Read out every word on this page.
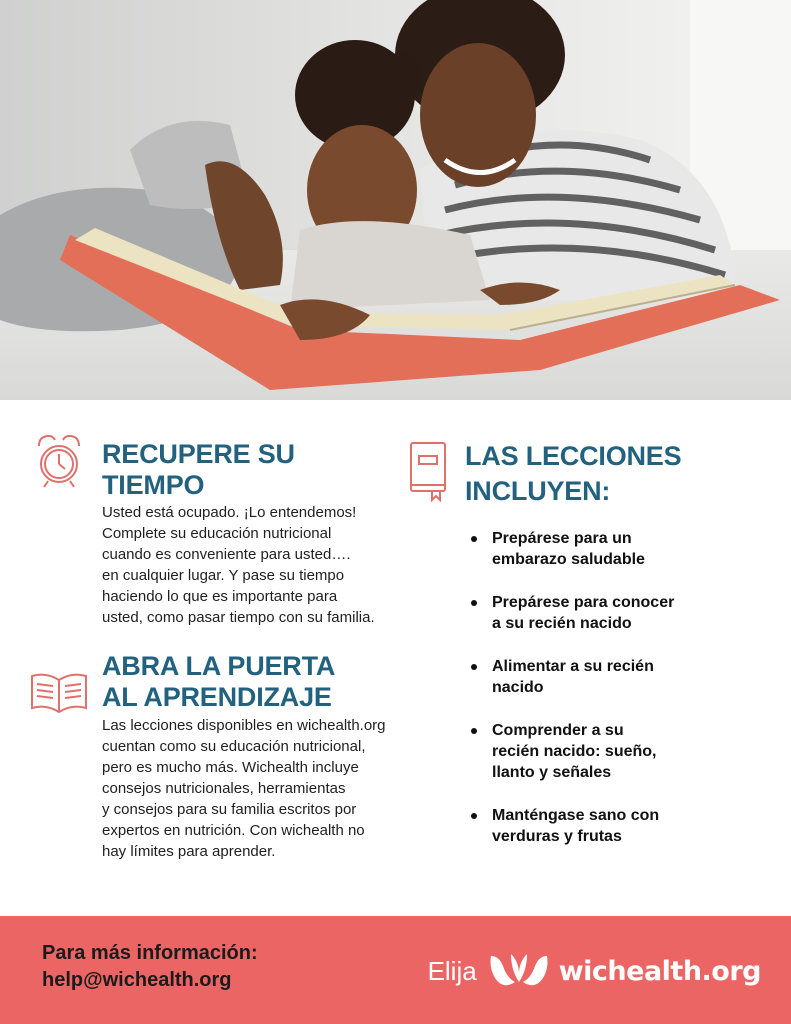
RECUPERE SU
TIEMPO

Usted está ocupado. ¡Lo entendemos!
Complete su educación nutricional
cuando es conveniente para usted….
en cualquier lugar. Y pase su tiempo
haciendo lo que es importante para
usted, como pasar tiempo con su familia.

ABRA LA PUERTA
AL APRENDIZAJE

Las lecciones disponibles en wichealth.org
cuentan como su educación nutricional,
pero es mucho más. Wichealth incluye
consejos nutricionales, herramientas
y consejos para su familia escritos por
expertos en nutrición. Con wichealth no
hay límites para aprender.

LAS LECCIONES
INCLUYEN:
Prepárese para un
embarazo saludable
Prepárese para conocer
a su recién nacido
Alimentar a su recién
nacido
Comprender a su
recién nacido: sueño,
llanto y señales
Manténgase sano con
verduras y frutas

Para más información:
help@wichealth.org	Elija	wichealth.org
